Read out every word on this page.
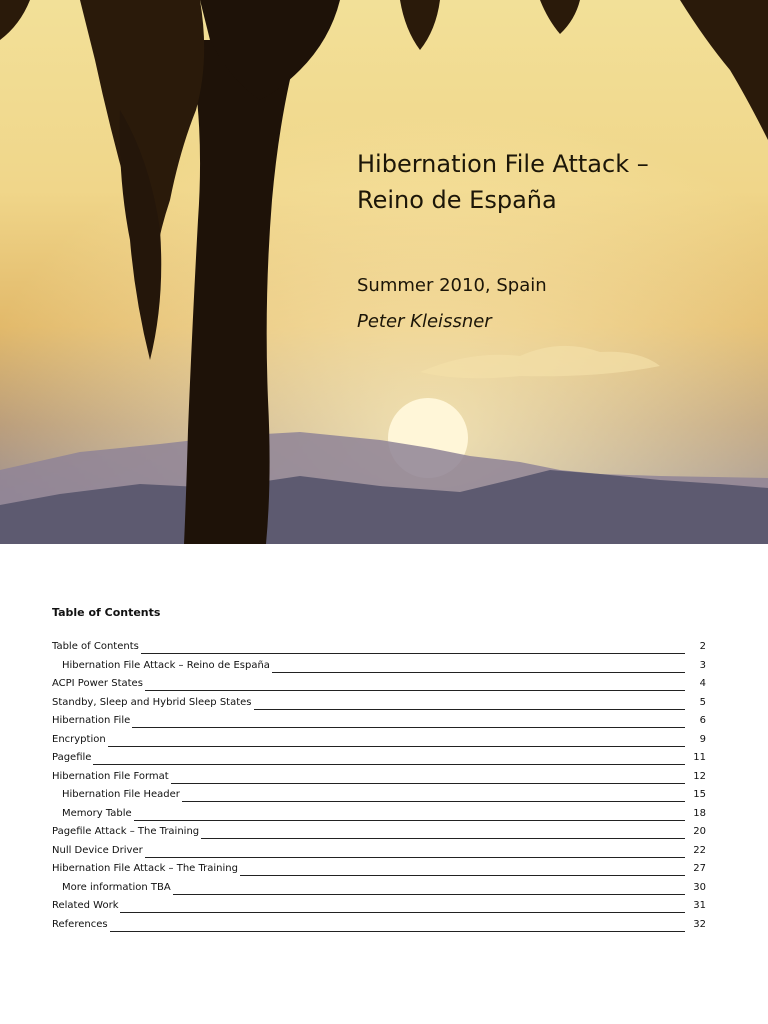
Hibernation File Attack –
Reino de España
Summer 2010, Spain
Peter Kleissner
Table of Contents
Table of Contents	2
Hibernation File Attack – Reino de España	3
ACPI Power States	4
Standby, Sleep and Hybrid Sleep States	5
Hibernation File	6
Encryption	9
Pagefile	11
Hibernation File Format	12
Hibernation File Header	15
Memory Table	18
Pagefile Attack – The Training	20
Null Device Driver	22
Hibernation File Attack – The Training	27
More information TBA	30
Related Work	31
References	32
